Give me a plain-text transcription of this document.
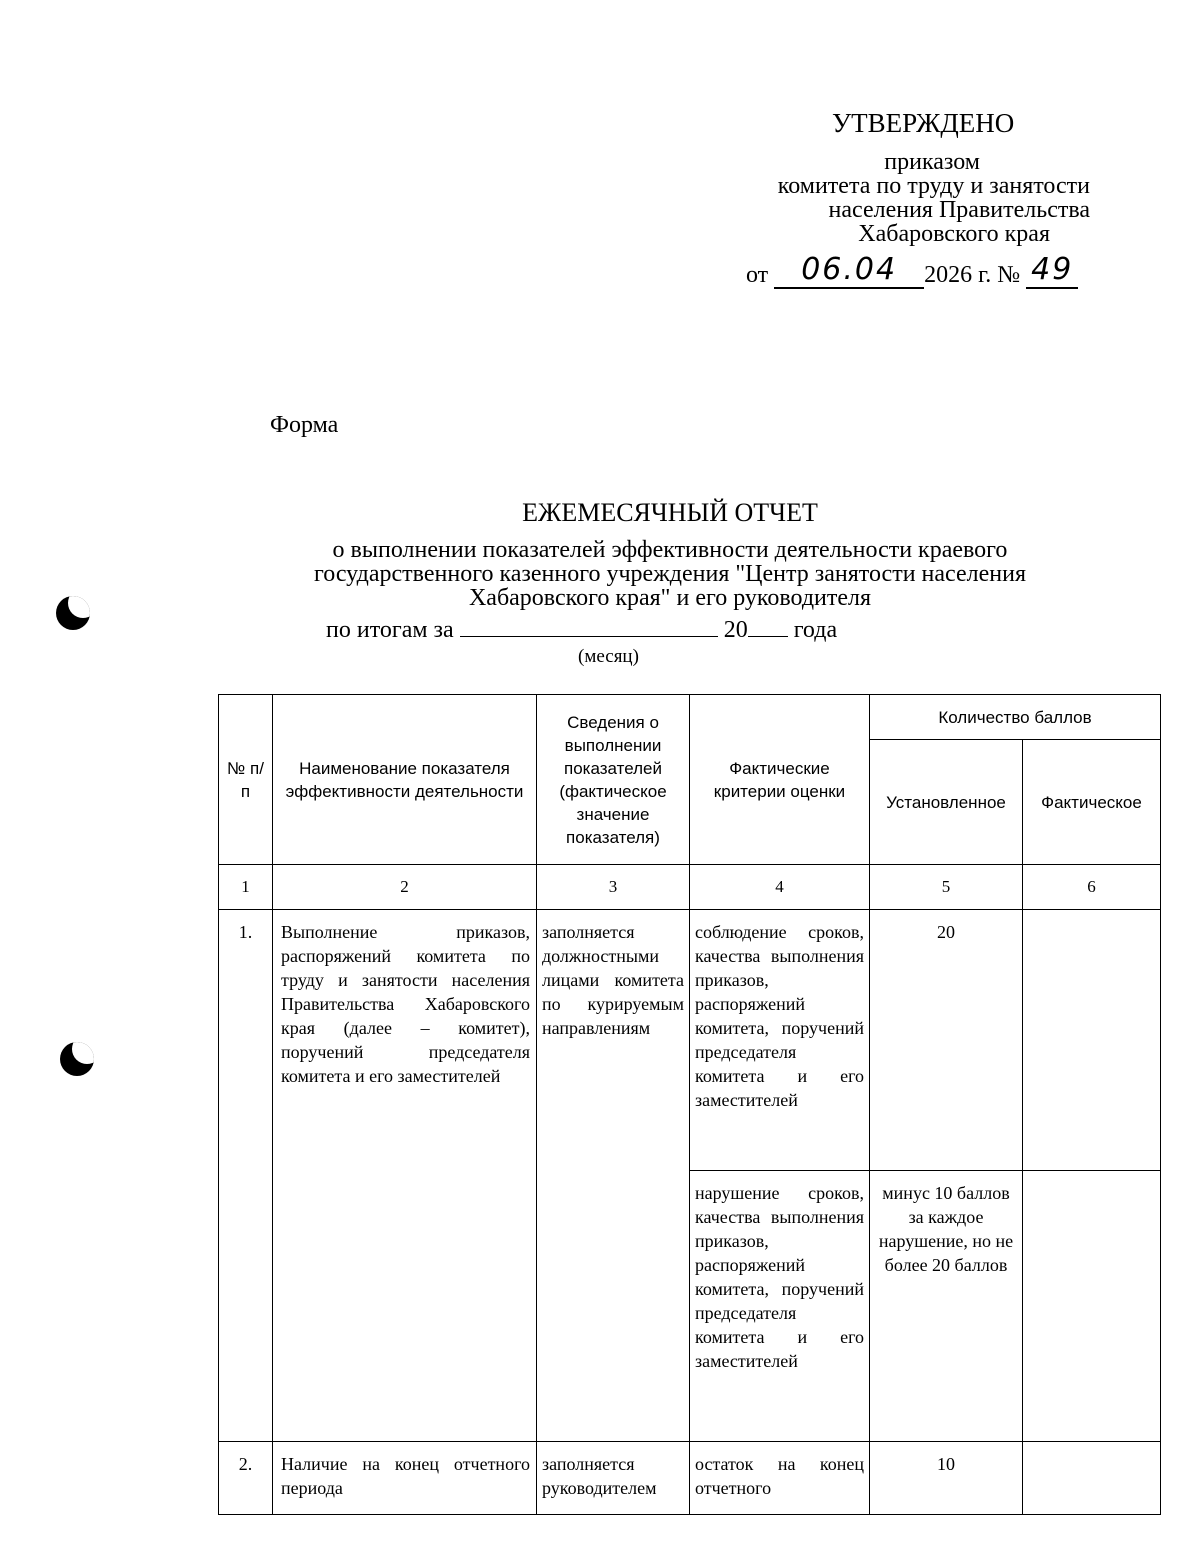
УТВЕРЖДЕНО
приказом
комитета по труду и занятости
населения Правительства
Хабаровского края
от 06.04 2026 г. № 49
Форма
ЕЖЕМЕСЯЧНЫЙ ОТЧЕТ
о выполнении показателей эффективности деятельности краевого государственного казенного учреждения "Центр занятости населения Хабаровского края" и его руководителя
по итогам за	20 года
(месяц)
№ п/п	Наименование показателя эффективности деятельности	Сведения о выполнении показателей (фактическое значение показателя)	Фактические критерии оценки	Количество баллов	
				Установленное	Фактическое
1	2	3	4	5	6
1.	Выполнение приказов, распоряжений комитета по труду и занятости населения Правительства Хабаровского края (далее – комитет), поручений председателя комитета и его заместителей	заполняется должностными лицами комитета по курируемым направлениям	соблюдение сроков, качества выполнения приказов, распоряжений комитета, поручений председателя комитета и его заместителей	20	
			нарушение сроков, качества выполнения приказов, распоряжений комитета, поручений председателя комитета и его заместителей	минус 10 баллов за каждое нарушение, но не более 20 баллов	
2.	Наличие на конец отчетного периода	заполняется руководителем	остаток на конец отчетного	10	
